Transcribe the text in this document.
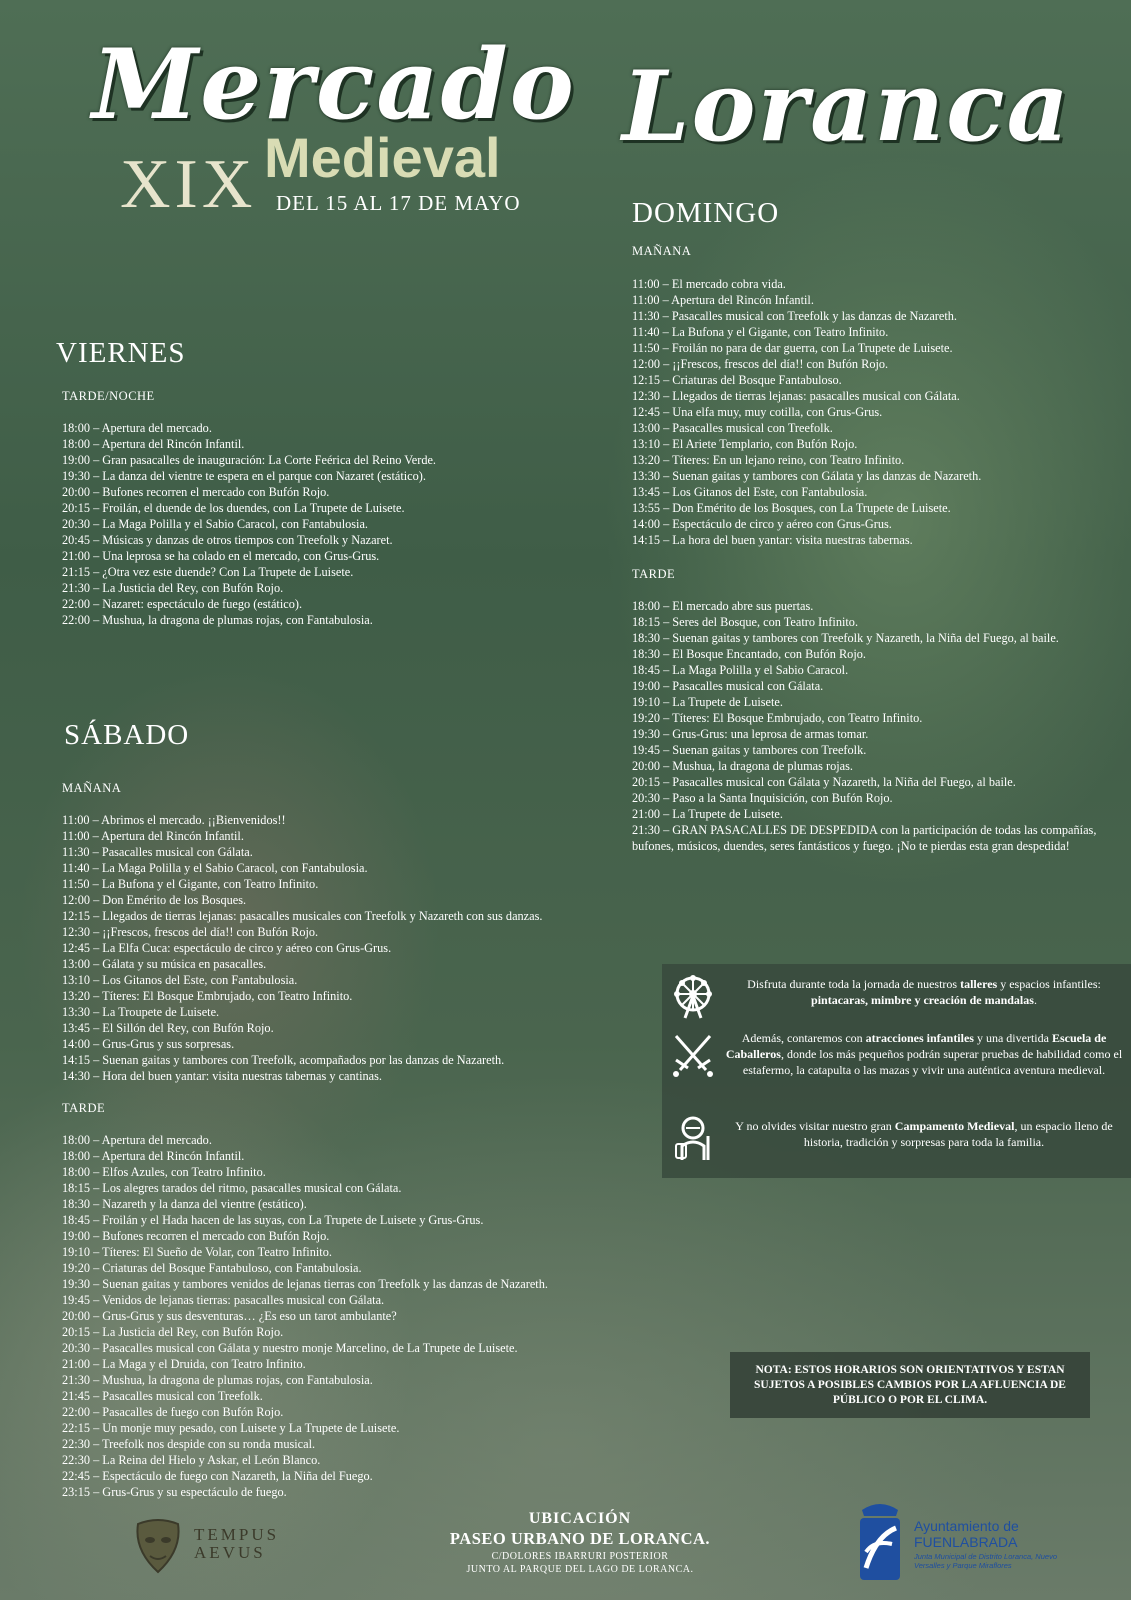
Mercado Loranca
XIX Medieval
DEL 15 AL 17 DE MAYO
VIERNES
TARDE/NOCHE
18:00 – Apertura del mercado.
18:00 – Apertura del Rincón Infantil.
19:00 – Gran pasacalles de inauguración: La Corte Feérica del Reino Verde.
19:30 – La danza del vientre te espera en el parque con Nazaret (estático).
20:00 – Bufones recorren el mercado con Bufón Rojo.
20:15 – Froilán, el duende de los duendes, con La Trupete de Luisete.
20:30 – La Maga Polilla y el Sabio Caracol, con Fantabulosia.
20:45 – Músicas y danzas de otros tiempos con Treefolk y Nazaret.
21:00 – Una leprosa se ha colado en el mercado, con Grus-Grus.
21:15 – ¿Otra vez este duende? Con La Trupete de Luisete.
21:30 – La Justicia del Rey, con Bufón Rojo.
22:00 – Nazaret: espectáculo de fuego (estático).
22:00 – Mushua, la dragona de plumas rojas, con Fantabulosia.
SÁBADO
MAÑANA
11:00 – Abrimos el mercado. ¡¡Bienvenidos!!
11:00 – Apertura del Rincón Infantil.
11:30 – Pasacalles musical con Gálata.
11:40 – La Maga Polilla y el Sabio Caracol, con Fantabulosia.
11:50 – La Bufona y el Gigante, con Teatro Infinito.
12:00 – Don Emérito de los Bosques.
12:15 – Llegados de tierras lejanas: pasacalles musicales con Treefolk y Nazareth con sus danzas.
12:30 – ¡¡Frescos, frescos del día!! con Bufón Rojo.
12:45 – La Elfa Cuca: espectáculo de circo y aéreo con Grus-Grus.
13:00 – Gálata y su música en pasacalles.
13:10 – Los Gitanos del Este, con Fantabulosia.
13:20 – Títeres: El Bosque Embrujado, con Teatro Infinito.
13:30 – La Troupete de Luisete.
13:45 – El Sillón del Rey, con Bufón Rojo.
14:00 – Grus-Grus y sus sorpresas.
14:15 – Suenan gaitas y tambores con Treefolk, acompañados por las danzas de Nazareth.
14:30 – Hora del buen yantar: visita nuestras tabernas y cantinas.
TARDE
18:00 – Apertura del mercado.
18:00 – Apertura del Rincón Infantil.
18:00 – Elfos Azules, con Teatro Infinito.
18:15 – Los alegres tarados del ritmo, pasacalles musical con Gálata.
18:30 – Nazareth y la danza del vientre (estático).
18:45 – Froilán y el Hada hacen de las suyas, con La Trupete de Luisete y Grus-Grus.
19:00 – Bufones recorren el mercado con Bufón Rojo.
19:10 – Títeres: El Sueño de Volar, con Teatro Infinito.
19:20 – Criaturas del Bosque Fantabuloso, con Fantabulosia.
19:30 – Suenan gaitas y tambores venidos de lejanas tierras con Treefolk y las danzas de Nazareth.
19:45 – Venidos de lejanas tierras: pasacalles musical con Gálata.
20:00 – Grus-Grus y sus desventuras… ¿Es eso un tarot ambulante?
20:15 – La Justicia del Rey, con Bufón Rojo.
20:30 – Pasacalles musical con Gálata y nuestro monje Marcelino, de La Trupete de Luisete.
21:00 – La Maga y el Druida, con Teatro Infinito.
21:30 – Mushua, la dragona de plumas rojas, con Fantabulosia.
21:45 – Pasacalles musical con Treefolk.
22:00 – Pasacalles de fuego con Bufón Rojo.
22:15 – Un monje muy pesado, con Luisete y La Trupete de Luisete.
22:30 – Treefolk nos despide con su ronda musical.
22:30 – La Reina del Hielo y Askar, el León Blanco.
22:45 – Espectáculo de fuego con Nazareth, la Niña del Fuego.
23:15 – Grus-Grus y su espectáculo de fuego.
DOMINGO
MAÑANA
11:00 – El mercado cobra vida.
11:00 – Apertura del Rincón Infantil.
11:30 – Pasacalles musical con Treefolk y las danzas de Nazareth.
11:40 – La Bufona y el Gigante, con Teatro Infinito.
11:50 – Froilán no para de dar guerra, con La Trupete de Luisete.
12:00 – ¡¡Frescos, frescos del día!! con Bufón Rojo.
12:15 – Criaturas del Bosque Fantabuloso.
12:30 – Llegados de tierras lejanas: pasacalles musical con Gálata.
12:45 – Una elfa muy, muy cotilla, con Grus-Grus.
13:00 – Pasacalles musical con Treefolk.
13:10 – El Ariete Templario, con Bufón Rojo.
13:20 – Títeres: En un lejano reino, con Teatro Infinito.
13:30 – Suenan gaitas y tambores con Gálata y las danzas de Nazareth.
13:45 – Los Gitanos del Este, con Fantabulosia.
13:55 – Don Emérito de los Bosques, con La Trupete de Luisete.
14:00 – Espectáculo de circo y aéreo con Grus-Grus.
14:15 – La hora del buen yantar: visita nuestras tabernas.
TARDE
18:00 – El mercado abre sus puertas.
18:15 – Seres del Bosque, con Teatro Infinito.
18:30 – Suenan gaitas y tambores con Treefolk y Nazareth, la Niña del Fuego, al baile.
18:30 – El Bosque Encantado, con Bufón Rojo.
18:45 – La Maga Polilla y el Sabio Caracol.
19:00 – Pasacalles musical con Gálata.
19:10 – La Trupete de Luisete.
19:20 – Títeres: El Bosque Embrujado, con Teatro Infinito.
19:30 – Grus-Grus: una leprosa de armas tomar.
19:45 – Suenan gaitas y tambores con Treefolk.
20:00 – Mushua, la dragona de plumas rojas.
20:15 – Pasacalles musical con Gálata y Nazareth, la Niña del Fuego, al baile.
20:30 – Paso a la Santa Inquisición, con Bufón Rojo.
21:00 – La Trupete de Luisete.
21:30 – GRAN PASACALLES DE DESPEDIDA con la participación de todas las compañías, bufones, músicos, duendes, seres fantásticos y fuego. ¡No te pierdas esta gran despedida!
Disfruta durante toda la jornada de nuestros talleres y espacios infantiles: pintacaras, mimbre y creación de mandalas.
Además, contaremos con atracciones infantiles y una divertida Escuela de Caballeros, donde los más pequeños podrán superar pruebas de habilidad como el estafermo, la catapulta o las mazas y vivir una auténtica aventura medieval.
Y no olvides visitar nuestro gran Campamento Medieval, un espacio lleno de historia, tradición y sorpresas para toda la familia.
NOTA: ESTOS HORARIOS SON ORIENTATIVOS Y ESTAN SUJETOS A POSIBLES CAMBIOS POR LA AFLUENCIA DE PÚBLICO O POR EL CLIMA.
TEMPUS
AEVUS
UBICACIÓN
PASEO URBANO DE LORANCA.
C/DOLORES IBARRURI POSTERIOR
JUNTO AL PARQUE DEL LAGO DE LORANCA.
Ayuntamiento de
FUENLABRADA
Junta Municipal de Distrito Loranca, Nuevo Versalles y Parque Miraflores
